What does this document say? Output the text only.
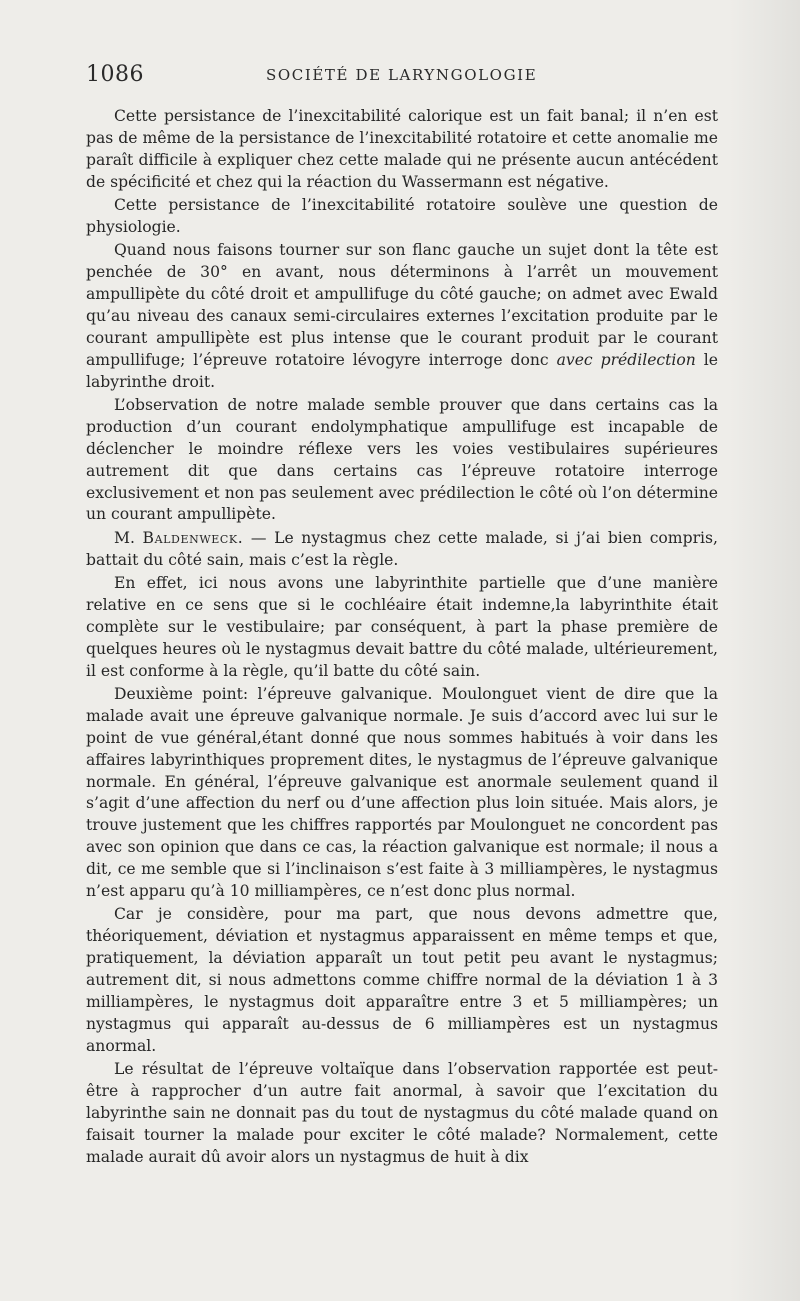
1086	SOCIÉTÉ DE LARYNGOLOGIE

Cette persistance de l’inexcitabilité calorique est un fait banal; il n’en est pas de même de la persistance de l’inexcitabilité rotatoire et cette anomalie me paraît difficile à expliquer chez cette malade qui ne présente aucun antécédent de spécificité et chez qui la réaction du Wassermann est négative.

Cette persistance de l’inexcitabilité rotatoire soulève une question de physiologie.

Quand nous faisons tourner sur son flanc gauche un sujet dont la tête est penchée de 30° en avant, nous déterminons à l’arrêt un mouvement ampullipète du côté droit et ampullifuge du côté gauche; on admet avec Ewald qu’au niveau des canaux semi-circulaires externes l’excitation produite par le courant ampullipète est plus intense que le courant produit par le courant ampullifuge; l’épreuve rotatoire lévogyre interroge donc avec prédilection le labyrinthe droit.

L’observation de notre malade semble prouver que dans certains cas la production d’un courant endolymphatique ampullifuge est incapable de déclencher le moindre réflexe vers les voies vestibulaires supérieures autrement dit que dans certains cas l’épreuve rotatoire interroge exclusivement et non pas seulement avec prédilection le côté où l’on détermine un courant ampullipète.

M. Baldenweck. — Le nystagmus chez cette malade, si j’ai bien compris, battait du côté sain, mais c’est la règle.

En effet, ici nous avons une labyrinthite partielle que d’une manière relative en ce sens que si le cochléaire était indemne,la labyrinthite était complète sur le vestibulaire; par conséquent, à part la phase première de quelques heures où le nystagmus devait battre du côté malade, ultérieurement, il est conforme à la règle, qu’il batte du côté sain.

Deuxième point: l’épreuve galvanique. Moulonguet vient de dire que la malade avait une épreuve galvanique normale. Je suis d’accord avec lui sur le point de vue général,étant donné que nous sommes habitués à voir dans les affaires labyrinthiques proprement dites, le nystagmus de l’épreuve galvanique normale. En général, l’épreuve galvanique est anormale seulement quand il s’agit d’une affection du nerf ou d’une affection plus loin située. Mais alors, je trouve justement que les chiffres rapportés par Moulonguet ne concordent pas avec son opinion que dans ce cas, la réaction galvanique est normale; il nous a dit, ce me semble que si l’inclinaison s’est faite à 3 milliampères, le nystagmus n’est apparu qu’à 10 milliampères, ce n’est donc plus normal.

Car je considère, pour ma part, que nous devons admettre que, théoriquement, déviation et nystagmus apparaissent en même temps et que, pratiquement, la déviation apparaît un tout petit peu avant le nystagmus; autrement dit, si nous admettons comme chiffre normal de la déviation 1 à 3 milliampères, le nystagmus doit apparaître entre 3 et 5 milliampères; un nystagmus qui apparaît au-dessus de 6 milliampères est un nystagmus anormal.

Le résultat de l’épreuve voltaïque dans l’observation rapportée est peut-être à rapprocher d’un autre fait anormal, à savoir que l’excitation du labyrinthe sain ne donnait pas du tout de nystagmus du côté malade quand on faisait tourner la malade pour exciter le côté malade? Normalement, cette malade aurait dû avoir alors un nystagmus de huit à dix
